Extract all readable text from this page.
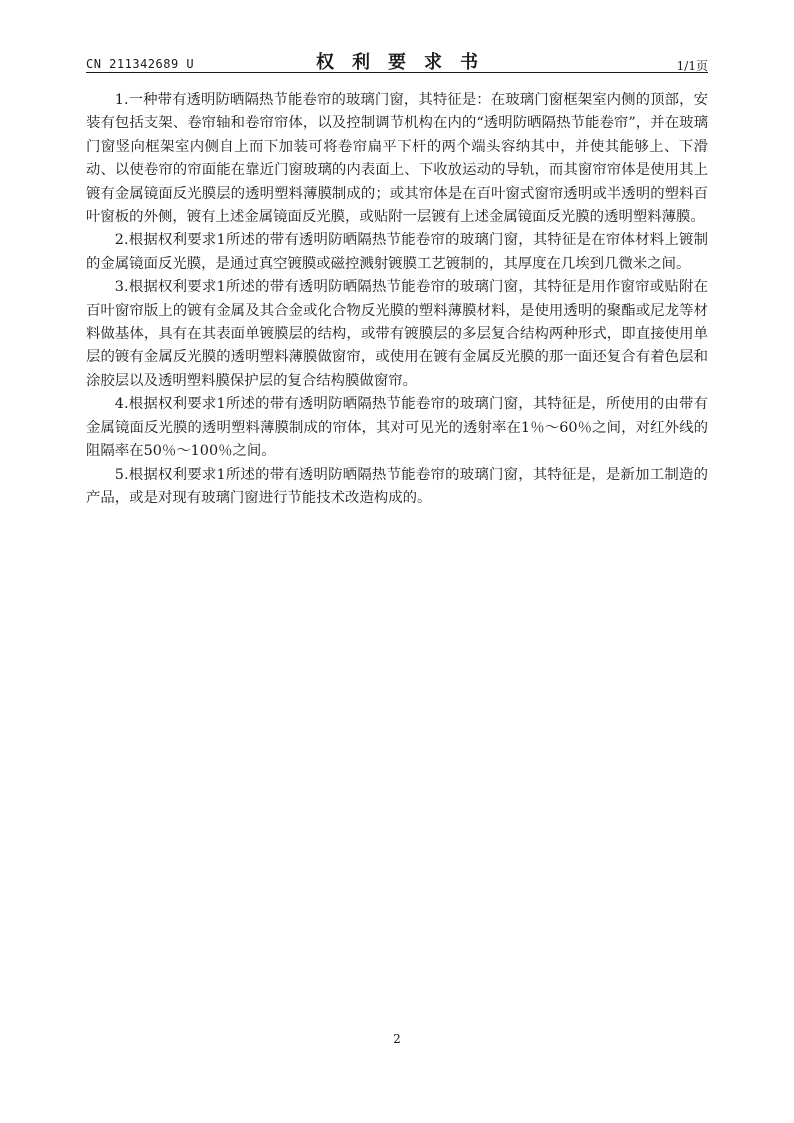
CN 211342689 U	权利要求书	1/1页

1.一种带有透明防晒隔热节能卷帘的玻璃门窗，其特征是：在玻璃门窗框架室内侧的顶部，安装有包括支架、卷帘轴和卷帘帘体，以及控制调节机构在内的“透明防晒隔热节能卷帘”，并在玻璃门窗竖向框架室内侧自上而下加装可将卷帘扁平下杆的两个端头容纳其中，并使其能够上、下滑动、以使卷帘的帘面能在靠近门窗玻璃的内表面上、下收放运动的导轨，而其窗帘帘体是使用其上镀有金属镜面反光膜层的透明塑料薄膜制成的；或其帘体是在百叶窗式窗帘透明或半透明的塑料百叶窗板的外侧，镀有上述金属镜面反光膜，或贴附一层镀有上述金属镜面反光膜的透明塑料薄膜。

2.根据权利要求1所述的带有透明防晒隔热节能卷帘的玻璃门窗，其特征是在帘体材料上镀制的金属镜面反光膜，是通过真空镀膜或磁控溅射镀膜工艺镀制的，其厚度在几埃到几微米之间。

3.根据权利要求1所述的带有透明防晒隔热节能卷帘的玻璃门窗，其特征是用作窗帘或贴附在百叶窗帘版上的镀有金属及其合金或化合物反光膜的塑料薄膜材料，是使用透明的聚酯或尼龙等材料做基体，具有在其表面单镀膜层的结构，或带有镀膜层的多层复合结构两种形式，即直接使用单层的镀有金属反光膜的透明塑料薄膜做窗帘，或使用在镀有金属反光膜的那一面还复合有着色层和涂胶层以及透明塑料膜保护层的复合结构膜做窗帘。

4.根据权利要求1所述的带有透明防晒隔热节能卷帘的玻璃门窗，其特征是，所使用的由带有金属镜面反光膜的透明塑料薄膜制成的帘体，其对可见光的透射率在1％～60％之间，对红外线的阻隔率在50％～100％之间。

5.根据权利要求1所述的带有透明防晒隔热节能卷帘的玻璃门窗，其特征是，是新加工制造的产品，或是对现有玻璃门窗进行节能技术改造构成的。

2
